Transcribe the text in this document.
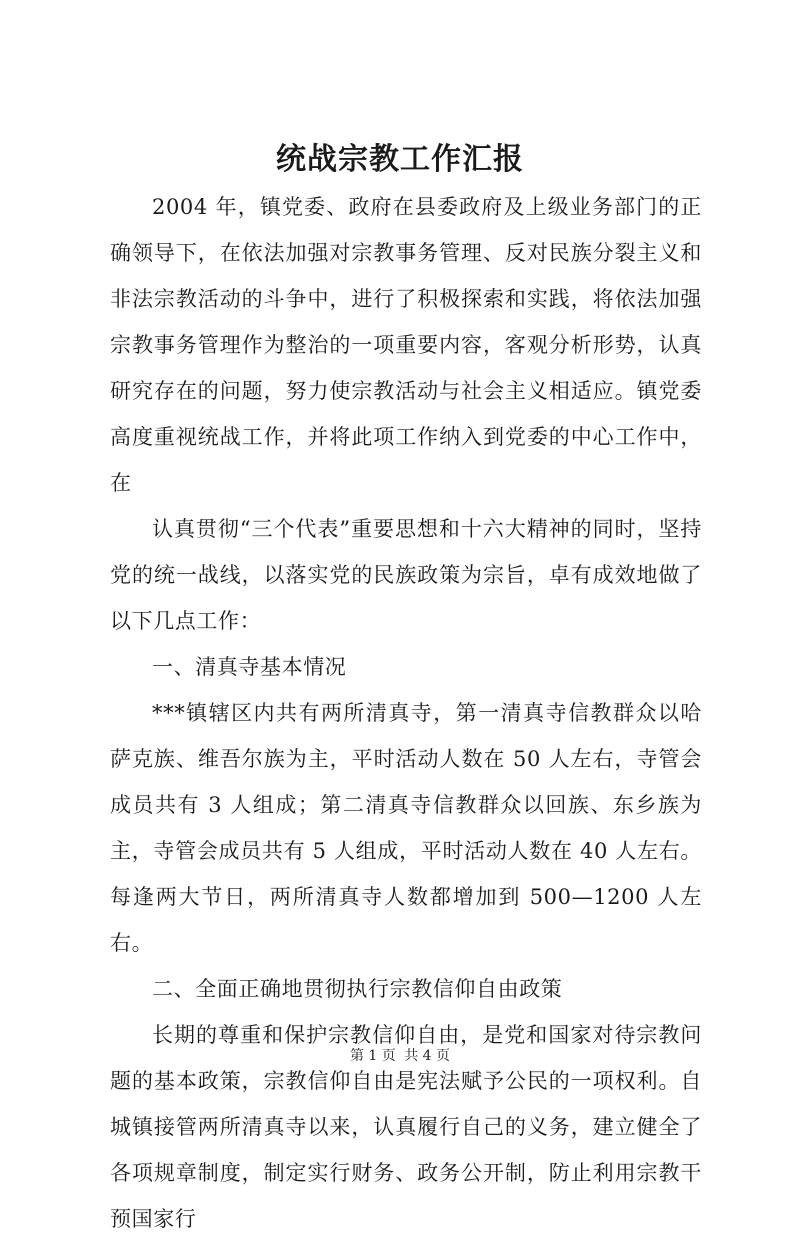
统战宗教工作汇报

2004 年，镇党委、政府在县委政府及上级业务部门的正确领导下，在依法加强对宗教事务管理、反对民族分裂主义和非法宗教活动的斗争中，进行了积极探索和实践，将依法加强宗教事务管理作为整治的一项重要内容，客观分析形势，认真研究存在的问题，努力使宗教活动与社会主义相适应。镇党委高度重视统战工作，并将此项工作纳入到党委的中心工作中，在

认真贯彻“三个代表”重要思想和十六大精神的同时，坚持党的统一战线，以落实党的民族政策为宗旨，卓有成效地做了以下几点工作：

一、清真寺基本情况

***镇辖区内共有两所清真寺，第一清真寺信教群众以哈萨克族、维吾尔族为主，平时活动人数在 50 人左右，寺管会成员共有 3 人组成；第二清真寺信教群众以回族、东乡族为主，寺管会成员共有 5 人组成，平时活动人数在 40 人左右。每逢两大节日，两所清真寺人数都增加到 500—1200 人左右。

二、全面正确地贯彻执行宗教信仰自由政策

长期的尊重和保护宗教信仰自由，是党和国家对待宗教问题的基本政策，宗教信仰自由是宪法赋予公民的一项权利。自城镇接管两所清真寺以来，认真履行自己的义务，建立健全了各项规章制度，制定实行财务、政务公开制，防止利用宗教干预国家行

第 1 页 共 4 页
